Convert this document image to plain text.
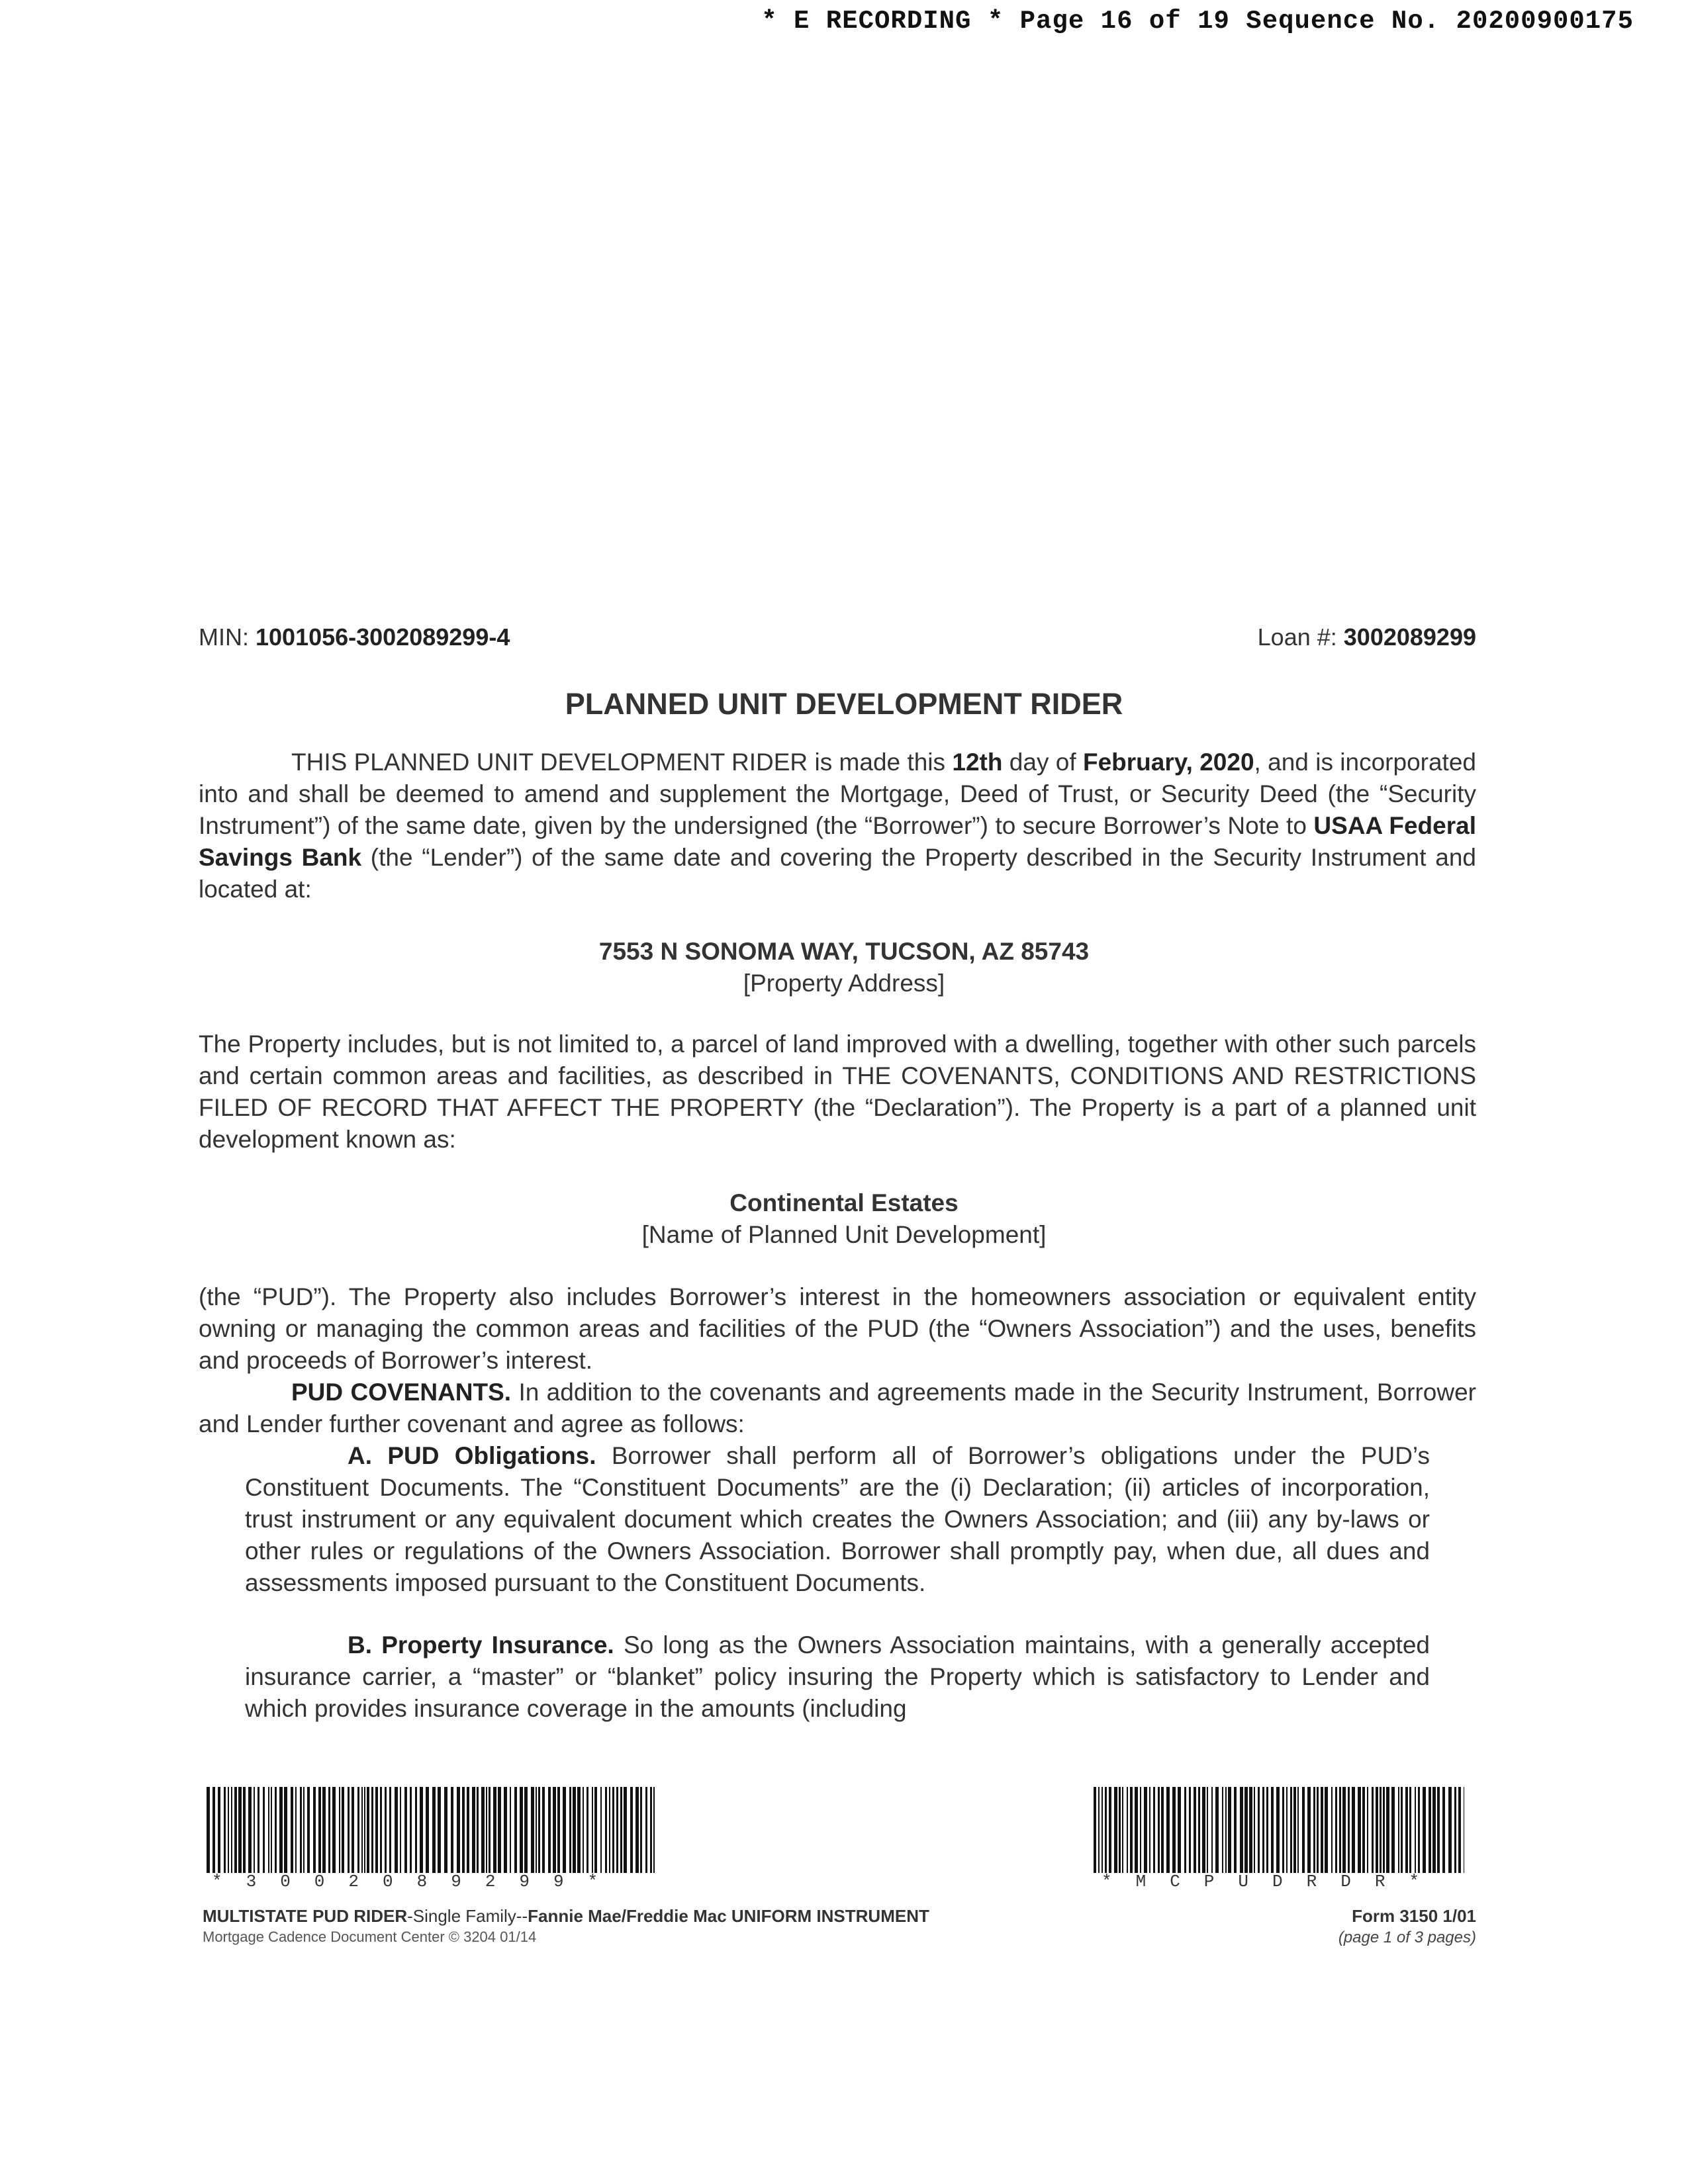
* E RECORDING * Page 16 of 19 Sequence No. 20200900175
MIN: 1001056-3002089299-4	Loan #: 3002089299
PLANNED UNIT DEVELOPMENT RIDER
THIS PLANNED UNIT DEVELOPMENT RIDER is made this 12th day of February, 2020, and is incorporated into and shall be deemed to amend and supplement the Mortgage, Deed of Trust, or Security Deed (the “Security Instrument”) of the same date, given by the undersigned (the “Borrower”) to secure Borrower’s Note to USAA Federal Savings Bank (the “Lender”) of the same date and covering the Property described in the Security Instrument and located at:
7553 N SONOMA WAY, TUCSON, AZ 85743
[Property Address]
The Property includes, but is not limited to, a parcel of land improved with a dwelling, together with other such parcels and certain common areas and facilities, as described in THE COVENANTS, CONDITIONS AND RESTRICTIONS FILED OF RECORD THAT AFFECT THE PROPERTY (the “Declaration”). The Property is a part of a planned unit development known as:
Continental Estates
[Name of Planned Unit Development]
(the “PUD”). The Property also includes Borrower’s interest in the homeowners association or equivalent entity owning or managing the common areas and facilities of the PUD (the “Owners Association”) and the uses, benefits and proceeds of Borrower’s interest.
PUD COVENANTS. In addition to the covenants and agreements made in the Security Instrument, Borrower and Lender further covenant and agree as follows:
A. PUD Obligations. Borrower shall perform all of Borrower’s obligations under the PUD’s Constituent Documents. The “Constituent Documents” are the (i) Declaration; (ii) articles of incorporation, trust instrument or any equivalent document which creates the Owners Association; and (iii) any by-laws or other rules or regulations of the Owners Association. Borrower shall promptly pay, when due, all dues and assessments imposed pursuant to the Constituent Documents.
B. Property Insurance. So long as the Owners Association maintains, with a generally accepted insurance carrier, a “master” or “blanket” policy insuring the Property which is satisfactory to Lender and which provides insurance coverage in the amounts (including
*3002089299*	*MCPUDRDR*
MULTISTATE PUD RIDER-Single Family--Fannie Mae/Freddie Mac UNIFORM INSTRUMENT
Mortgage Cadence Document Center © 3204 01/14
Form 3150 1/01
(page 1 of 3 pages)
